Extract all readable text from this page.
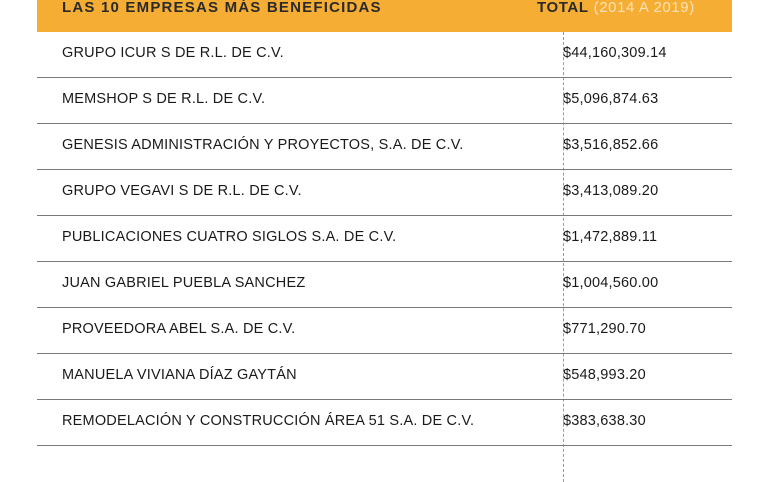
LAS 10 EMPRESAS MÁS BENEFICIDAS	TOTAL (2014 A 2019)
GRUPO ICUR S DE R.L. DE C.V.	$44,160,309.14
MEMSHOP S DE R.L. DE C.V.	$5,096,874.63
GENESIS ADMINISTRACIÓN Y PROYECTOS, S.A. DE C.V.	$3,516,852.66
GRUPO VEGAVI S DE R.L. DE C.V.	$3,413,089.20
PUBLICACIONES CUATRO SIGLOS S.A. DE C.V.	$1,472,889.11
JUAN GABRIEL PUEBLA SANCHEZ	$1,004,560.00
PROVEEDORA ABEL S.A. DE C.V.	$771,290.70
MANUELA VIVIANA DÍAZ GAYTÁN	$548,993.20
REMODELACIÓN Y CONSTRUCCIÓN ÁREA 51 S.A. DE C.V.	$383,638.30
